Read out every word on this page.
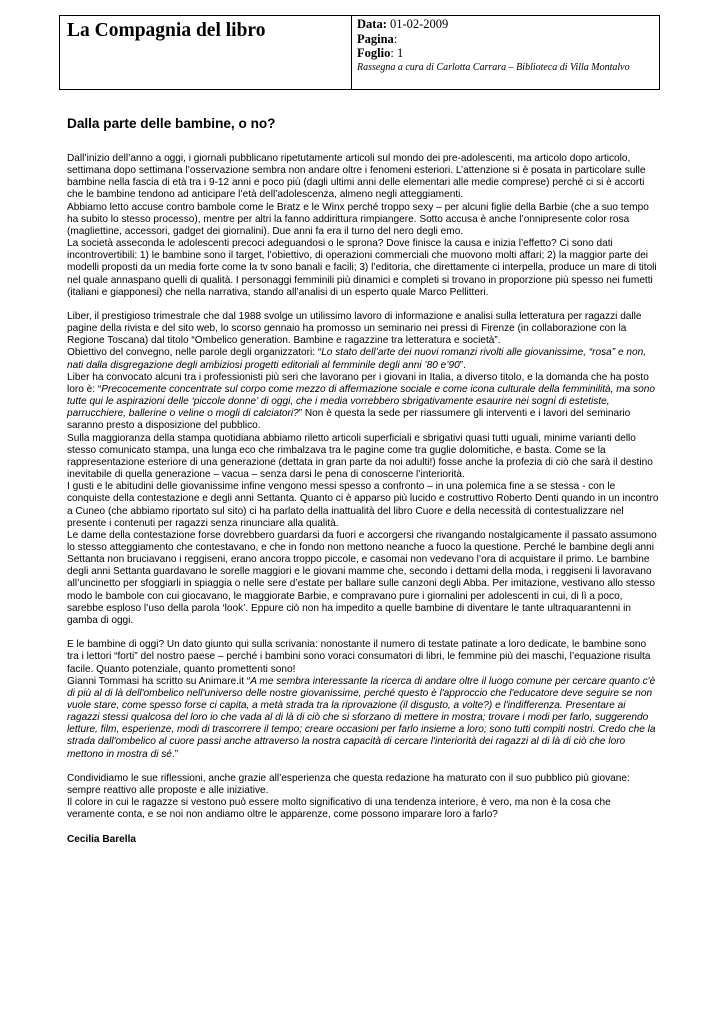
La Compagnia del libro	Data: 01-02-2009
Pagina:
Foglio: 1
Rassegna a cura di Carlotta Carrara – Biblioteca di Villa Montalvo
Dalla parte delle bambine, o no?

Dall’inizio dell’anno a oggi, i giornali pubblicano ripetutamente articoli sul mondo dei pre-adolescenti, ma articolo dopo articolo, settimana dopo settimana l’osservazione sembra non andare oltre i fenomeni esteriori. L’attenzione si è posata in particolare sulle bambine nella fascia di età tra i 9-12 anni e poco più (dagli ultimi anni delle elementari alle medie comprese) perché ci si è accorti che le bambine tendono ad anticipare l’età dell’adolescenza, almeno negli atteggiamenti.

Abbiamo letto accuse contro bambole come le Bratz e le Winx perché troppo sexy – per alcuni figlie della Barbie (che a suo tempo ha subito lo stesso processo), mentre per altri la fanno addirittura rimpiangere. Sotto accusa è anche l’onnipresente color rosa (magliettine, accessori, gadget dei giornalini). Due anni fa era il turno del nero degli emo.

La società asseconda le adolescenti precoci adeguandosi o le sprona? Dove finisce la causa e inizia l’effetto? Ci sono dati incontrovertibili: 1) le bambine sono il target, l’obiettivo, di operazioni commerciali che muovono molti affari; 2) la maggior parte dei modelli proposti da un media forte come la tv sono banali e facili; 3) l’editoria, che direttamente ci interpella, produce un mare di titoli nel quale annaspano quelli di qualità. I personaggi femminili più dinamici e completi si trovano in proporzione più spesso nei fumetti (italiani e giapponesi) che nella narrativa, stando all’analisi di un esperto quale Marco Pellitteri.

Liber, il prestigioso trimestrale che dal 1988 svolge un utilissimo lavoro di informazione e analisi sulla letteratura per ragazzi dalle pagine della rivista e del sito web, lo scorso gennaio ha promosso un seminario nei pressi di Firenze (in collaborazione con la Regione Toscana) dal titolo “Ombelico generation. Bambine e ragazzine tra letteratura e società”.

Obiettivo del convegno, nelle parole degli organizzatori: “Lo stato dell’arte dei nuovi romanzi rivolti alle giovanissime, “rosa” e non, nati dalla disgregazione degli ambiziosi progetti editoriali al femminile degli anni ’80 e’90”.

Liber ha convocato alcuni tra i professionisti più seri che lavorano per i giovani in Italia, a diverso titolo, e la domanda che ha posto loro è: “Precocemente concentrate sul corpo come mezzo di affermazione sociale e come icona culturale della femminilità, ma sono tutte qui le aspirazioni delle ‘piccole donne’ di oggi, che i media vorrebbero sbrigativamente esaurire nei sogni di estetiste, parrucchiere, ballerine o veline o mogli di calciatori?” Non è questa la sede per riassumere gli interventi e i lavori del seminario saranno presto a disposizione del pubblico.

Sulla maggioranza della stampa quotidiana abbiamo riletto articoli superficiali e sbrigativi quasi tutti uguali, minime varianti dello stesso comunicato stampa, una lunga eco che rimbalzava tra le pagine come tra guglie dolomitiche, e basta. Come se la rappresentazione esteriore di una generazione (dettata in gran parte da noi adulti!) fosse anche la profezia di ciò che sarà il destino inevitabile di quella generazione – vacua – senza darsi le pena di conoscerne l’interiorità.

I gusti e le abitudini delle giovanissime infine vengono messi spesso a confronto – in una polemica fine a se stessa - con le conquiste della contestazione e degli anni Settanta. Quanto ci è apparso più lucido e costruttivo Roberto Denti quando in un incontro a Cuneo (che abbiamo riportato sul sito) ci ha parlato della inattualità del libro Cuore e della necessità di contestualizzare nel presente i contenuti per ragazzi senza rinunciare alla qualità.

Le dame della contestazione forse dovrebbero guardarsi da fuori e accorgersi che rivangando nostalgicamente il passato assumono lo stesso atteggiamento che contestavano, e che in fondo non mettono neanche a fuoco la questione. Perché le bambine degli anni Settanta non bruciavano i reggiseni, erano ancora troppo piccole, e casomai non vedevano l’ora di acquistare il primo. Le bambine degli anni Settanta guardavano le sorelle maggiori e le giovani mamme che, secondo i dettami della moda, i reggiseni li lavoravano all’uncinetto per sfoggiarli in spiaggia o nelle sere d’estate per ballare sulle canzoni degli Abba. Per imitazione, vestivano allo stesso modo le bambole con cui giocavano, le maggiorate Barbie, e compravano pure i giornalini per adolescenti in cui, di lì a poco, sarebbe esploso l’uso della parola ‘look’. Eppure ciò non ha impedito a quelle bambine di diventare le tante ultraquarantenni in gamba di oggi.

E le bambine di oggi? Un dato giunto qui sulla scrivania: nonostante il numero di testate patinate a loro dedicate, le bambine sono tra i lettori “forti” del nostro paese – perché i bambini sono voraci consumatori di libri, le femmine più dei maschi, l’equazione risulta facile. Quanto potenziale, quanto promettenti sono!

Gianni Tommasi ha scritto su Animare.it “A me sembra interessante la ricerca di andare oltre il luogo comune per cercare quanto c'è di più al di là dell'ombelico nell'universo delle nostre giovanissime, perché questo è l'approccio che l'educatore deve seguire se non vuole stare, come spesso forse ci capita, a metà strada tra la riprovazione (il disgusto, a volte?) e l'indifferenza. Presentare ai ragazzi stessi qualcosa del loro io che vada al di là di ciò che si sforzano di mettere in mostra; trovare i modi per farlo, suggerendo letture, film, esperienze, modi di trascorrere il tempo; creare occasioni per farlo insieme a loro; sono tutti compiti nostri. Credo che la strada dall'ombelico al cuore passi anche attraverso la nostra capacità di cercare l'interiorità dei ragazzi al di là di ciò che loro mettono in mostra di sé.”

Condividiamo le sue riflessioni, anche grazie all’esperienza che questa redazione ha maturato con il suo pubblico più giovane: sempre reattivo alle proposte e alle iniziative.

Il colore in cui le ragazze si vestono può essere molto significativo di una tendenza interiore, è vero, ma non è la cosa che veramente conta, e se noi non andiamo oltre le apparenze, come possono imparare loro a farlo?

Cecilia Barella
